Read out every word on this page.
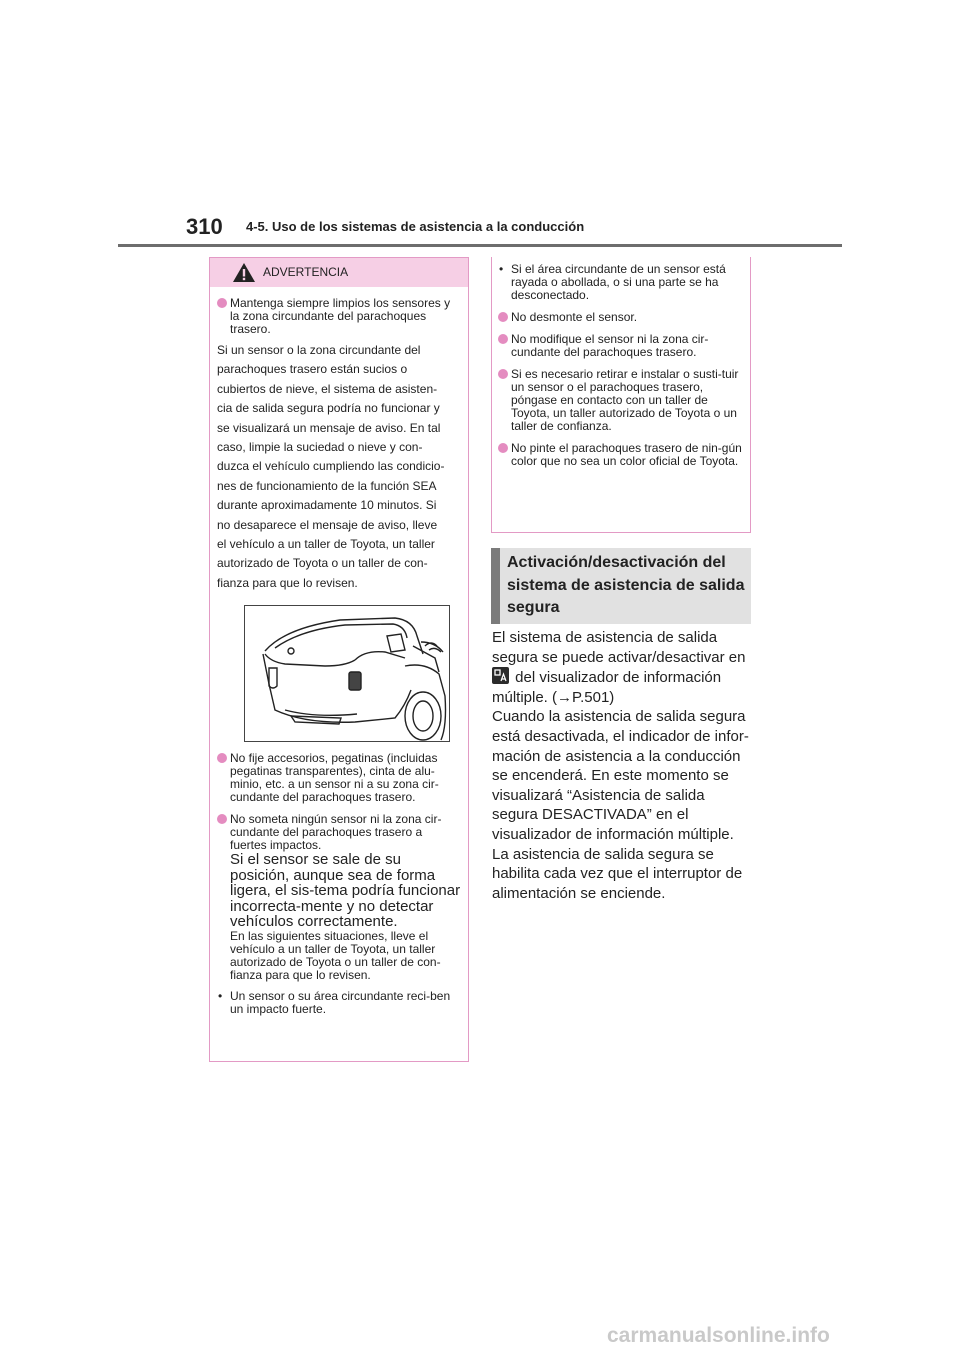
310 4-5. Uso de los sistemas de asistencia a la conducción
ADVERTENCIA
Mantenga siempre limpios los sensores y la zona circundante del parachoques trasero.
Si un sensor o la zona circundante del
parachoques trasero están sucios o
cubiertos de nieve, el sistema de asisten-
cia de salida segura podría no funcionar y
se visualizará un mensaje de aviso. En tal
caso, limpie la suciedad o nieve y con-
duzca el vehículo cumpliendo las condicio-
nes de funcionamiento de la función SEA
durante aproximadamente 10 minutos. Si
no desaparece el mensaje de aviso, lleve
el vehículo a un taller de Toyota, un taller
autorizado de Toyota o un taller de con-
fianza para que lo revisen.
No fije accesorios, pegatinas (incluidas pegatinas transparentes), cinta de alu-minio, etc. a un sensor ni a su zona cir-cundante del parachoques trasero.
No someta ningún sensor ni la zona cir-cundante del parachoques trasero a fuertes impactos.
Si el sensor se sale de su posición, aunque sea de forma ligera, el sis-tema podría funcionar incorrecta-mente y no detectar vehículos correctamente.
En las siguientes situaciones, lleve el vehículo a un taller de Toyota, un taller autorizado de Toyota o un taller de con-fianza para que lo revisen.
• Un sensor o su área circundante reci-ben un impacto fuerte.
• Si el área circundante de un sensor está rayada o abollada, o si una parte se ha desconectado.
No desmonte el sensor.
No modifique el sensor ni la zona cir-cundante del parachoques trasero.
Si es necesario retirar e instalar o susti-tuir un sensor o el parachoques trasero, póngase en contacto con un taller de Toyota, un taller autorizado de Toyota o un taller de confianza.
No pinte el parachoques trasero de nin-gún color que no sea un color oficial de Toyota.
Activación/desactivación del sistema de asistencia de salida segura

El sistema de asistencia de salida segura se puede activar/desactivar en
del visualizador de información múltiple. (→P.501)

Cuando la asistencia de salida segura está desactivada, el indicador de infor-mación de asistencia a la conducción se encenderá. En este momento se visualizará “Asistencia de salida segura DESACTIVADA” en el visualizador de información múltiple. La asistencia de salida segura se habilita cada vez que el interruptor de alimentación se enciende.

carmanualsonline.info
